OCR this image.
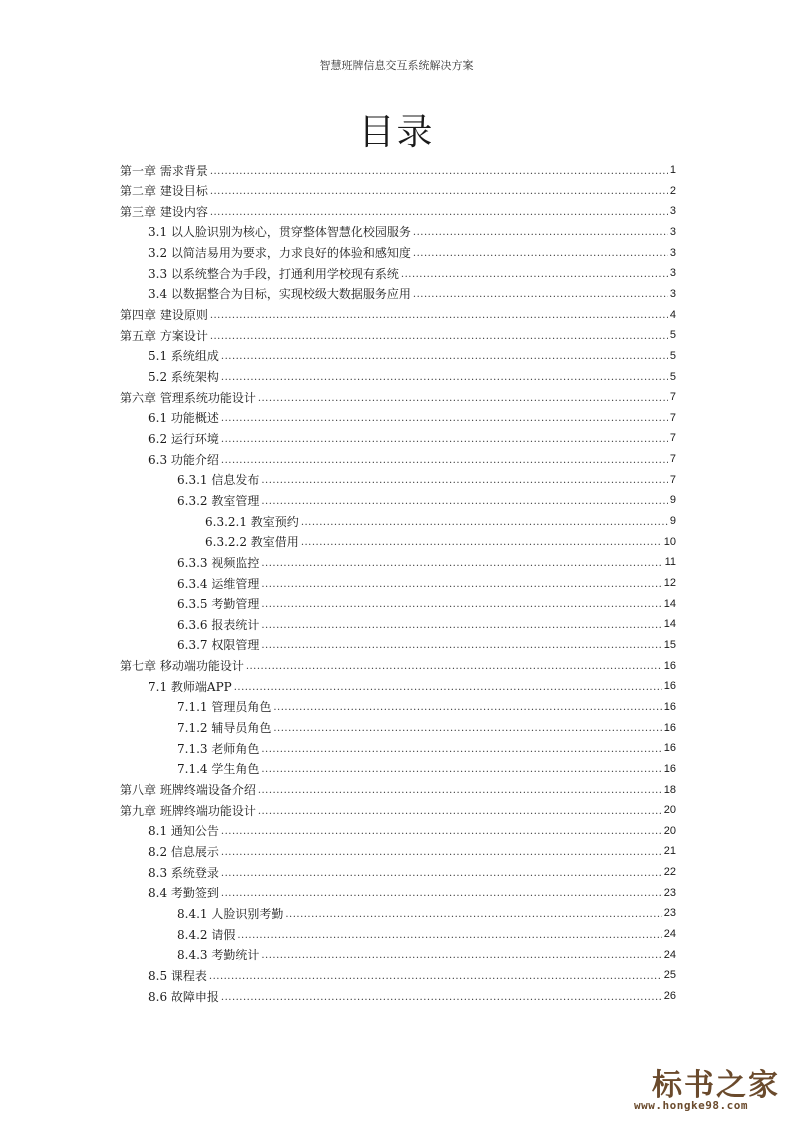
智慧班牌信息交互系统解决方案
目录
第一章 需求背景 .....	1
第二章 建设目标 .....	2
第三章 建设内容 .....	3
3.1 以人脸识别为核心，贯穿整体智慧化校园服务 .....	3
3.2 以简洁易用为要求，力求良好的体验和感知度 .....	3
3.3 以系统整合为手段，打通利用学校现有系统 .....	3
3.4 以数据整合为目标，实现校级大数据服务应用 .....	3
第四章 建设原则 .....	4
第五章 方案设计 .....	5
5.1 系统组成 .....	5
5.2 系统架构 .....	5
第六章 管理系统功能设计 .....	7
6.1 功能概述 .....	7
6.2 运行环境 .....	7
6.3 功能介绍 .....	7
6.3.1 信息发布 .....	7
6.3.2 教室管理 .....	9
6.3.2.1 教室预约 .....	9
6.3.2.2 教室借用 .....	10
6.3.3 视频监控 .....	11
6.3.4 运维管理 .....	12
6.3.5 考勤管理 .....	14
6.3.6 报表统计 .....	14
6.3.7 权限管理 .....	15
第七章 移动端功能设计 .....	16
7.1 教师端APP .....	16
7.1.1 管理员角色 .....	16
7.1.2 辅导员角色 .....	16
7.1.3 老师角色 .....	16
7.1.4 学生角色 .....	16
第八章 班牌终端设备介绍 .....	18
第九章 班牌终端功能设计 .....	20
8.1 通知公告 .....	20
8.2 信息展示 .....	21
8.3 系统登录 .....	22
8.4 考勤签到 .....	23
8.4.1 人脸识别考勤 .....	23
8.4.2 请假 .....	24
8.4.3 考勤统计 .....	24
8.5 课程表 .....	25
8.6 故障申报 .....	26
标书之家
www.hongke98.com
